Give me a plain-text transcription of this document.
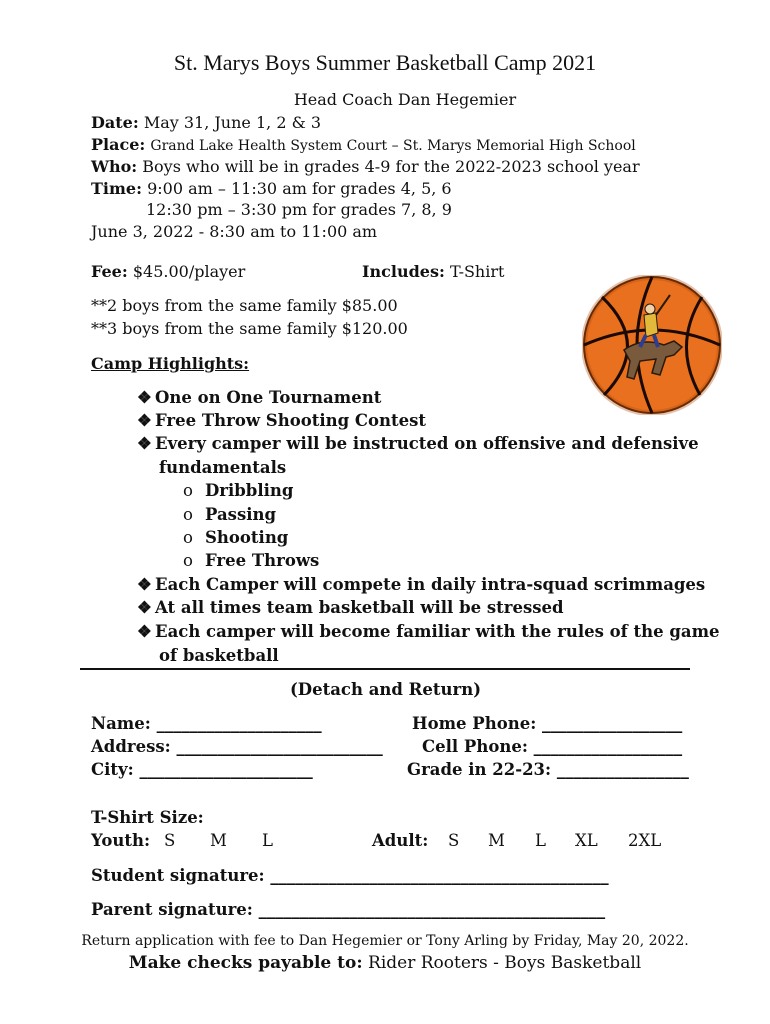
St. Marys Boys Summer Basketball Camp 2021
Head Coach Dan Hegemier
Date: May 31, June 1, 2 & 3
Place: Grand Lake Health System Court – St. Marys Memorial High School
Who: Boys who will be in grades 4-9 for the 2022-2023 school year
Time: 9:00 am – 11:30 am for grades 4, 5, 6
12:30 pm – 3:30 pm for grades 7, 8, 9
June 3, 2022 - 8:30 am to 11:00 am
Fee: $45.00/player	Includes: T-Shirt
**2 boys from the same family $85.00
**3 boys from the same family $120.00
Camp Highlights:
❖ One on One Tournament
❖ Free Throw Shooting Contest
❖ Every camper will be instructed on offensive and defensive
fundamentals
o Dribbling
o Passing
o Shooting
o Free Throws
❖ Each Camper will compete in daily intra-squad scrimmages
❖ At all times team basketball will be stressed
❖ Each camper will become familiar with the rules of the game
of basketball
(Detach and Return)
Name: ____________________
Address: _________________________
City: _____________________
Home Phone: _________________
Cell Phone: __________________
Grade in 22-23: ________________
T-Shirt Size:
Youth: S M L	Adult: S M L XL 2XL
Student signature: _________________________________________
Parent signature: __________________________________________
Return application with fee to Dan Hegemier or Tony Arling by Friday, May 20, 2022.
Make checks payable to: Rider Rooters - Boys Basketball
